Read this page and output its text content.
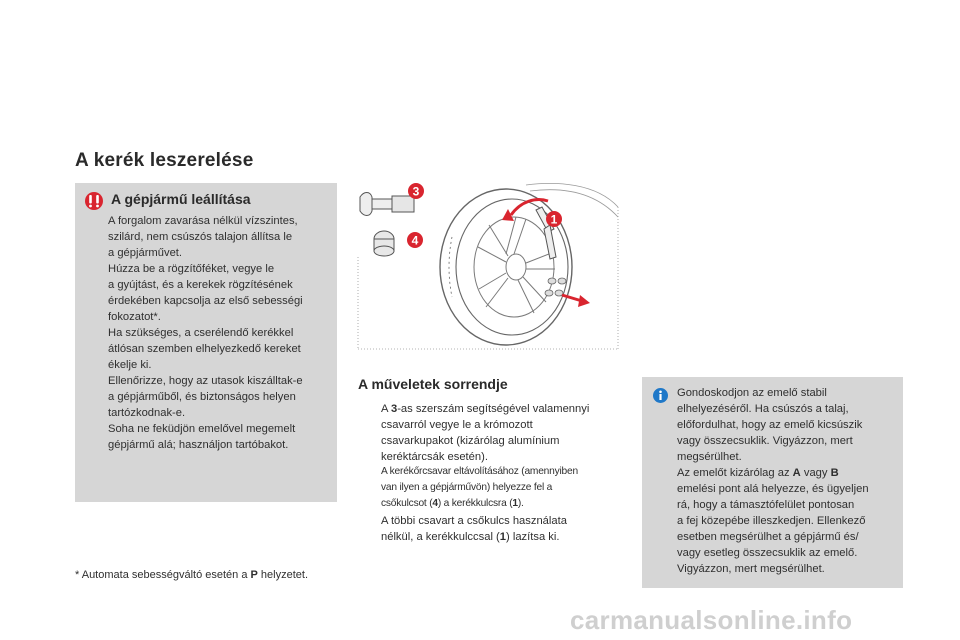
A kerék leszerelése
A gépjármű leállítása
A forgalom zavarása nélkül vízszintes,
szilárd, nem csúszós talajon állítsa le
a gépjárművet.
Húzza be a rögzítőféket, vegye le
a gyújtást, és a kerekek rögzítésének
érdekében kapcsolja az első sebességi
fokozatot*.
Ha szükséges, a cserélendő kerékkel
átlósan szemben elhelyezkedő kereket
ékelje ki.
Ellenőrizze, hogy az utasok kiszálltak-e
a gépjárműből, és biztonságos helyen
tartózkodnak-e.
Soha ne feküdjön emelővel megemelt
gépjármű alá; használjon tartóbakot.
* Automata sebességváltó esetén a P helyzetet.
3
4
1
A műveletek sorrendje
A 3-as szerszám segítségével valamennyi
csavarról vegye le a krómozott
csavarkupakot (kizárólag alumínium
keréktárcsák esetén).
A kerékőrcsavar eltávolításához (amennyiben
van ilyen a gépjárművön) helyezze fel a
csőkulcsot (4) a kerékkulcsra (1).
A többi csavart a csőkulcs használata
nélkül, a kerékkulccsal (1) lazítsa ki.
Gondoskodjon az emelő stabil
elhelyezéséről. Ha csúszós a talaj,
előfordulhat, hogy az emelő kicsúszik
vagy összecsuklik. Vigyázzon, mert
megsérülhet.
Az emelőt kizárólag az A vagy B
emelési pont alá helyezze, és ügyeljen
rá, hogy a támasztófelület pontosan
a fej közepébe illeszkedjen. Ellenkező
esetben megsérülhet a gépjármű és/
vagy esetleg összecsuklik az emelő.
Vigyázzon, mert megsérülhet.
carmanualsonline.info
